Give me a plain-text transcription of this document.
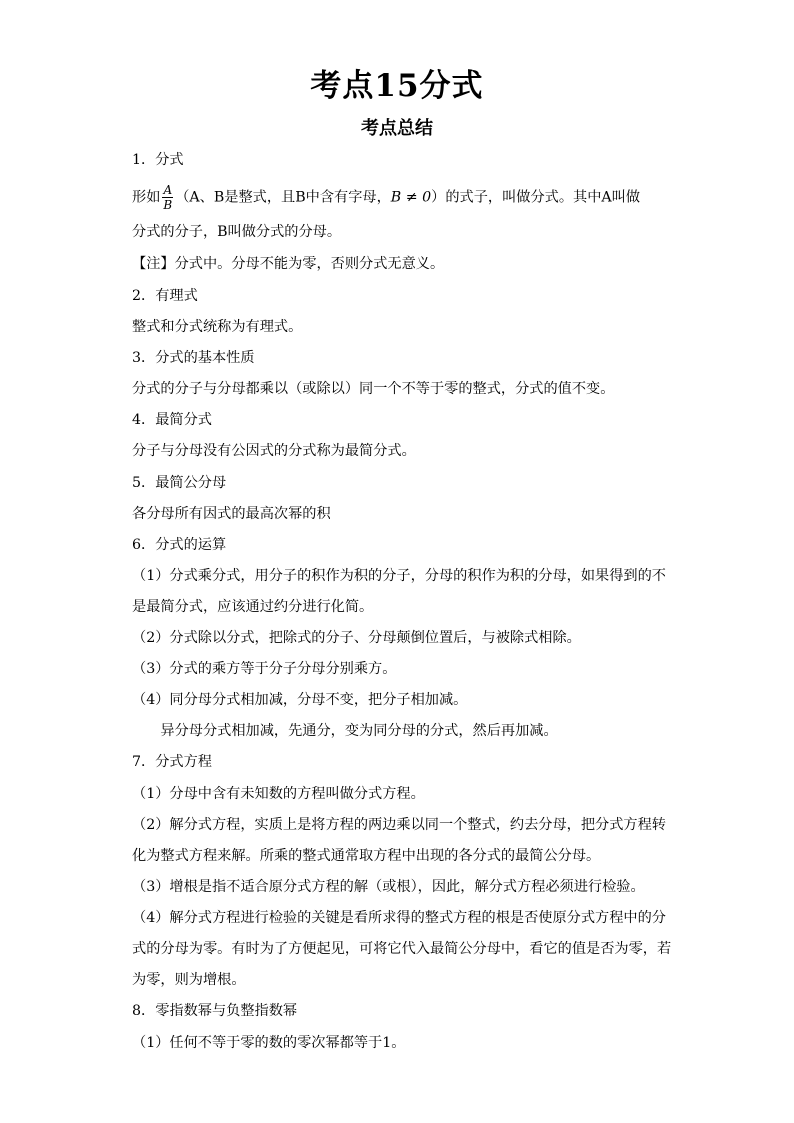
考点15分式
考点总结
1．分式
形如 $\frac{A}{B} (A$、B是整式，且B中含有字母，B ≠ 0）的式子，叫做分式。其中A叫做
分式的分子，B叫做分式的分母。
【注】分式中。分母不能为零，否则分式无意义。
2．有理式
整式和分式统称为有理式。
3．分式的基本性质
分式的分子与分母都乘以（或除以）同一个不等于零的整式，分式的值不变。
4．最简分式
分子与分母没有公因式的分式称为最简分式。
5．最简公分母
各分母所有因式的最高次幂的积
6．分式的运算
（1）分式乘分式，用分子的积作为积的分子，分母的积作为积的分母，如果得到的不
是最简分式，应该通过约分进行化简。
（2）分式除以分式，把除式的分子、分母颠倒位置后，与被除式相除。
（3）分式的乘方等于分子分母分别乘方。
（4）同分母分式相加减，分母不变，把分子相加减。
　　异分母分式相加减，先通分，变为同分母的分式，然后再加减。
7．分式方程
（1）分母中含有未知数的方程叫做分式方程。
（2）解分式方程，实质上是将方程的两边乘以同一个整式，约去分母，把分式方程转
化为整式方程来解。所乘的整式通常取方程中出现的各分式的最简公分母。
（3）增根是指不适合原分式方程的解（或根），因此，解分式方程必须进行检验。
（4）解分式方程进行检验的关键是看所求得的整式方程的根是否使原分式方程中的分
式的分母为零。有时为了方便起见，可将它代入最简公分母中，看它的值是否为零，若
为零，则为增根。
8．零指数幂与负整指数幂
（1）任何不等于零的数的零次幂都等于1。
